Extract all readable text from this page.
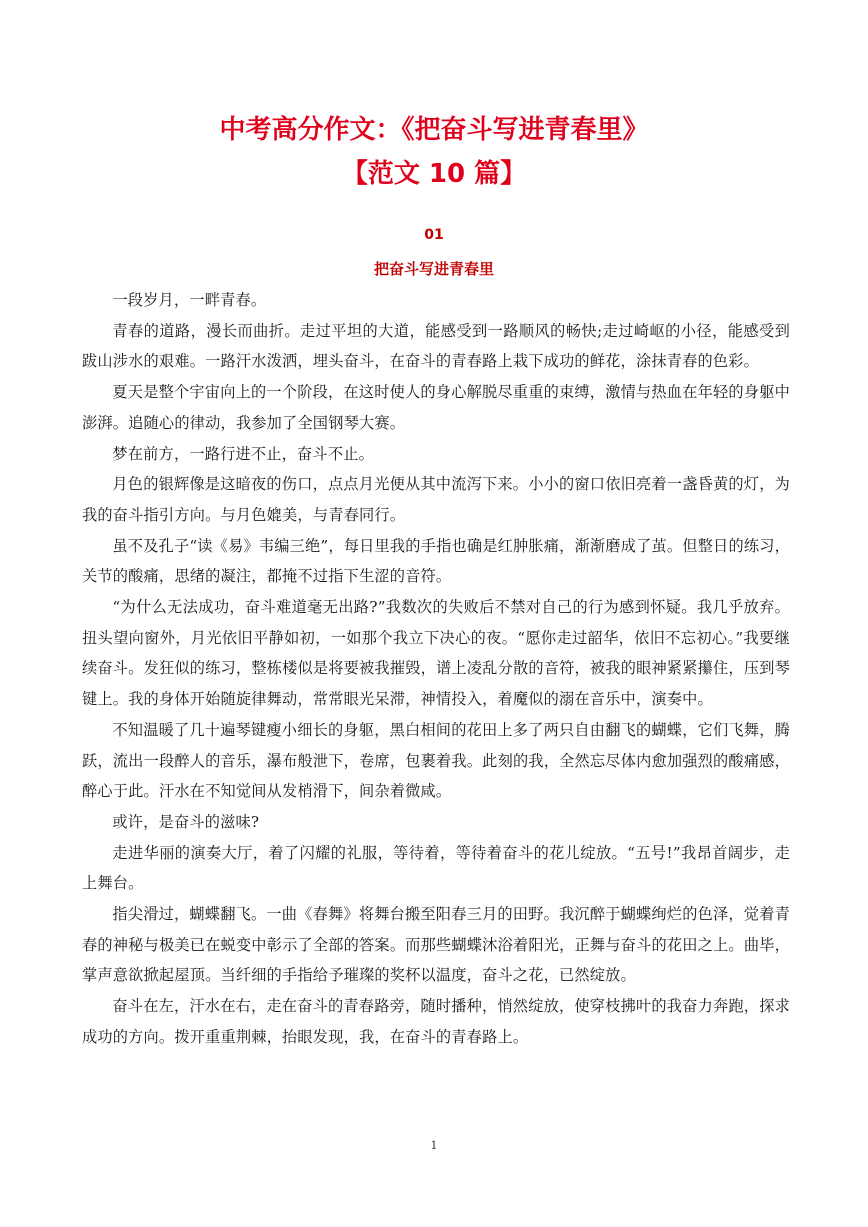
中考高分作文：《把奋斗写进青春里》
【范文 10 篇】
01
把奋斗写进青春里

一段岁月，一畔青春。

青春的道路，漫长而曲折。走过平坦的大道，能感受到一路顺风的畅快;走过崎岖的小径，能感受到跋山涉水的艰难。一路汗水泼洒，埋头奋斗，在奋斗的青春路上栽下成功的鲜花，涂抹青春的色彩。

夏天是整个宇宙向上的一个阶段，在这时使人的身心解脱尽重重的束缚，激情与热血在年轻的身躯中澎湃。追随心的律动，我参加了全国钢琴大赛。

梦在前方，一路行进不止，奋斗不止。

月色的银辉像是这暗夜的伤口，点点月光便从其中流泻下来。小小的窗口依旧亮着一盏昏黄的灯，为我的奋斗指引方向。与月色媲美，与青春同行。

虽不及孔子“读《易》韦编三绝”，每日里我的手指也确是红肿胀痛，渐渐磨成了茧。但整日的练习，关节的酸痛，思绪的凝注，都掩不过指下生涩的音符。

“为什么无法成功，奋斗难道毫无出路?”我数次的失败后不禁对自己的行为感到怀疑。我几乎放弃。扭头望向窗外，月光依旧平静如初，一如那个我立下决心的夜。“愿你走过韶华，依旧不忘初心。”我要继续奋斗。发狂似的练习，整栋楼似是将要被我摧毁，谱上凌乱分散的音符，被我的眼神紧紧攥住，压到琴键上。我的身体开始随旋律舞动，常常眼光呆滞，神情投入，着魔似的溺在音乐中，演奏中。

不知温暖了几十遍琴键瘦小细长的身躯，黑白相间的花田上多了两只自由翻飞的蝴蝶，它们飞舞，腾跃，流出一段醉人的音乐，瀑布般泄下，卷席，包裹着我。此刻的我，全然忘尽体内愈加强烈的酸痛感，醉心于此。汗水在不知觉间从发梢滑下，间杂着微咸。

或许，是奋斗的滋味?

走进华丽的演奏大厅，着了闪耀的礼服，等待着，等待着奋斗的花儿绽放。“五号!”我昂首阔步，走上舞台。

指尖滑过，蝴蝶翻飞。一曲《春舞》将舞台搬至阳春三月的田野。我沉醉于蝴蝶绚烂的色泽，觉着青春的神秘与极美已在蜕变中彰示了全部的答案。而那些蝴蝶沐浴着阳光，正舞与奋斗的花田之上。曲毕，掌声意欲掀起屋顶。当纤细的手指给予璀璨的奖杯以温度，奋斗之花，已然绽放。

奋斗在左，汗水在右，走在奋斗的青春路旁，随时播种，悄然绽放，使穿枝拂叶的我奋力奔跑，探求成功的方向。拨开重重荆棘，抬眼发现，我，在奋斗的青春路上。

1
